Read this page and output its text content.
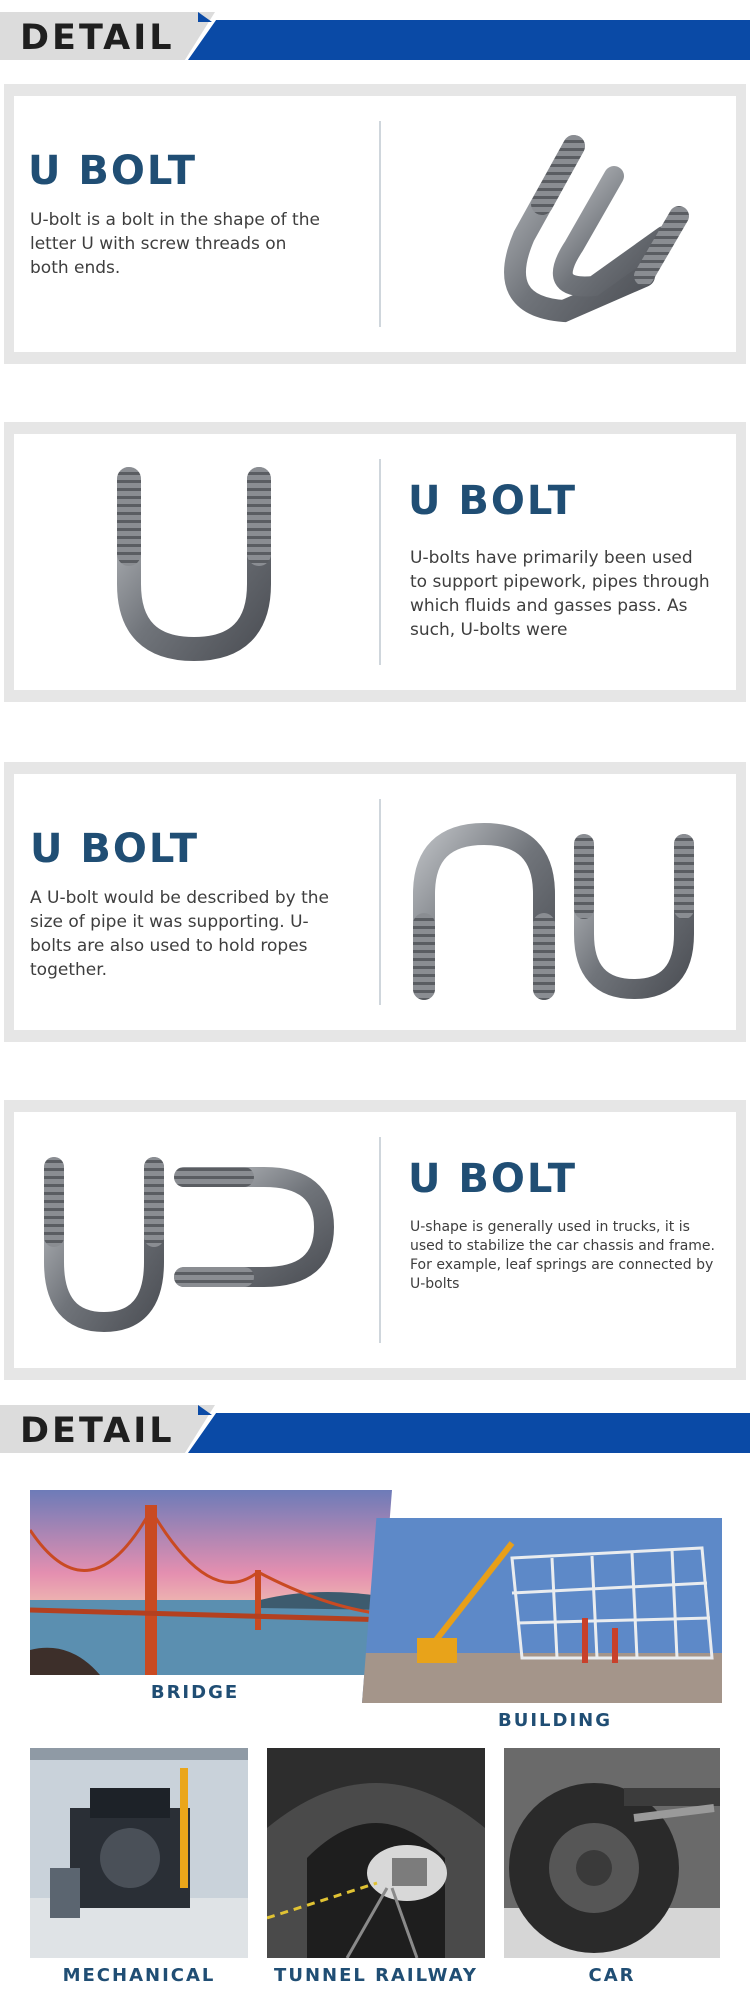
DETAIL
U BOLT
U-bolt is a bolt in the shape of the letter U with screw threads on both ends.
U BOLT
U-bolts have primarily been used to support pipework, pipes through which fluids and gasses pass. As such, U-bolts were
U BOLT
A U-bolt would be described by the size of pipe it was supporting. U-bolts are also used to hold ropes together.
U BOLT
U-shape is generally used in trucks, it is used to stabilize the car chassis and frame. For example, leaf springs are connected by U-bolts
DETAIL
BRIDGE
BUILDING
MECHANICAL	TUNNEL RAILWAY	CAR
